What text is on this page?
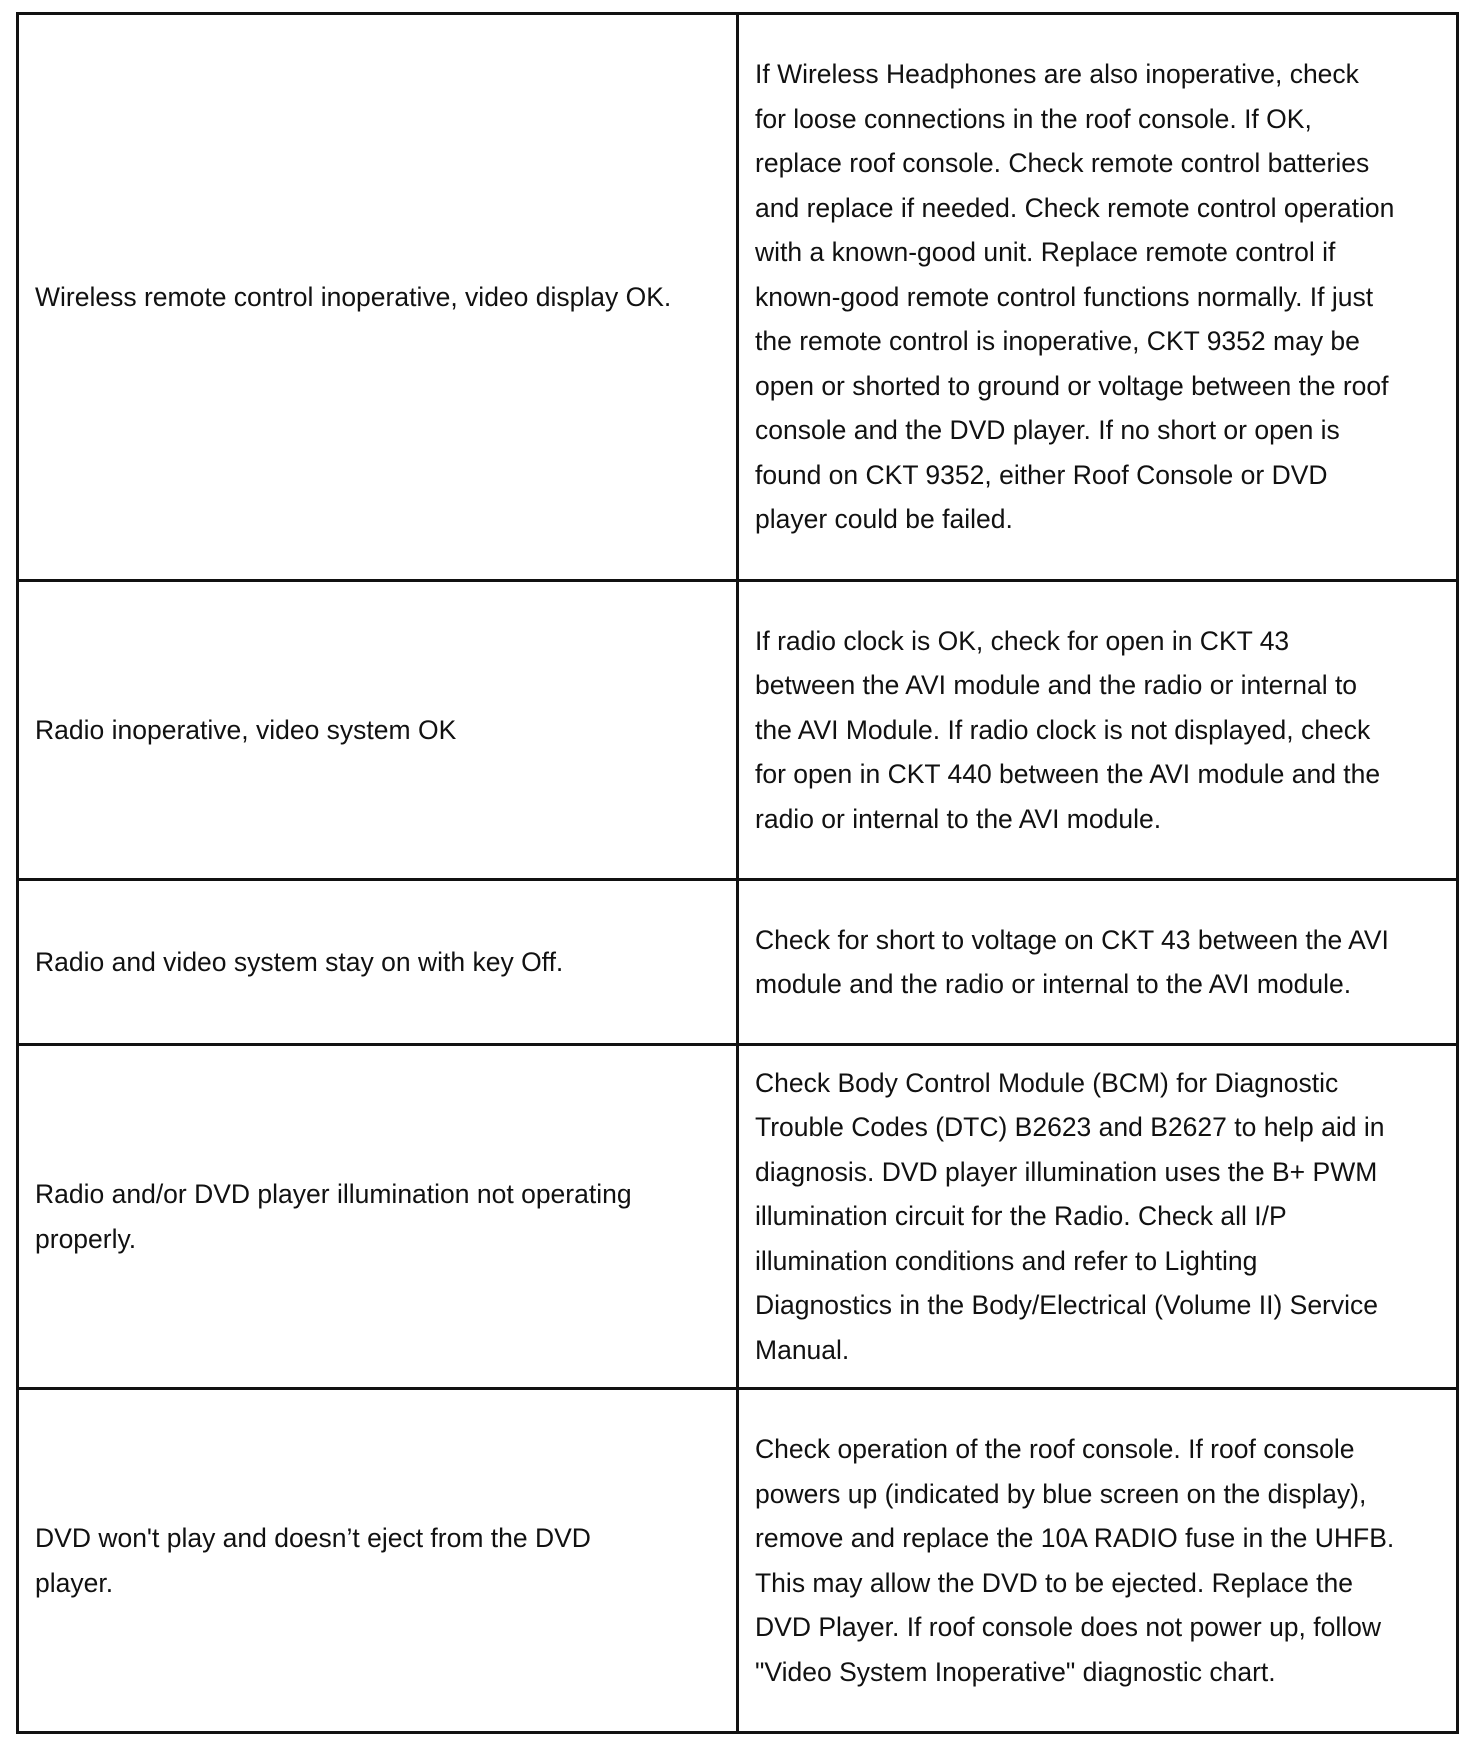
Wireless remote control inoperative, video display OK.	If Wireless Headphones are also inoperative, check for loose connections in the roof console. If OK, replace roof console. Check remote control batteries and replace if needed. Check remote control operation with a known-good unit. Replace remote control if known-good remote control functions normally. If just the remote control is inoperative, CKT 9352 may be open or shorted to ground or voltage between the roof console and the DVD player. If no short or open is found on CKT 9352, either Roof Console or DVD player could be failed.
Radio inoperative, video system OK	If radio clock is OK, check for open in CKT 43 between the AVI module and the radio or internal to the AVI Module. If radio clock is not displayed, check for open in CKT 440 between the AVI module and the radio or internal to the AVI module.
Radio and video system stay on with key Off.	Check for short to voltage on CKT 43 between the AVI module and the radio or internal to the AVI module.
Radio and/or DVD player illumination not operating properly.	Check Body Control Module (BCM) for Diagnostic Trouble Codes (DTC) B2623 and B2627 to help aid in diagnosis. DVD player illumination uses the B+ PWM illumination circuit for the Radio. Check all I/P illumination conditions and refer to Lighting Diagnostics in the Body/Electrical (Volume II) Service Manual.
DVD won't play and doesn’t eject from the DVD player.	Check operation of the roof console. If roof console powers up (indicated by blue screen on the display), remove and replace the 10A RADIO fuse in the UHFB. This may allow the DVD to be ejected. Replace the DVD Player. If roof console does not power up, follow "Video System Inoperative" diagnostic chart.
